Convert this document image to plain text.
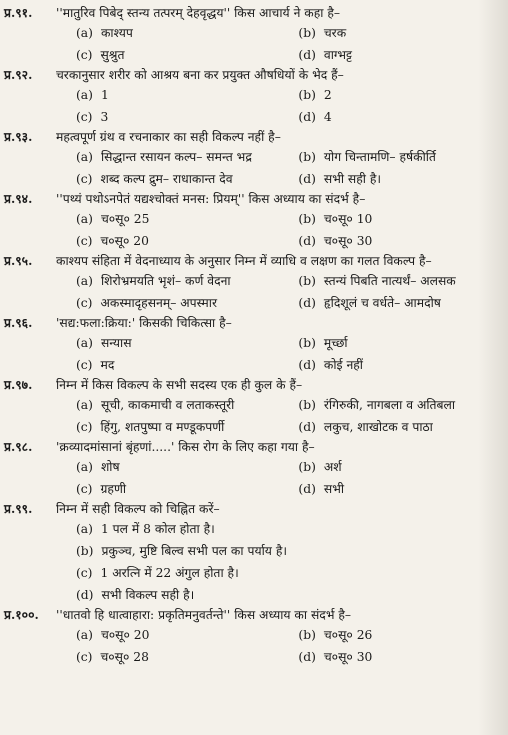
प्र.९१.	''मातुरिव पिबेद् स्तन्य तत्परम् देहवृद्धय'' किस आचार्य ने कहा है–
(a) काश्यप	(b) चरक
(c) सुश्रुत	(d) वाग्भट्ट
प्र.९२.	चरकानुसार शरीर को आश्रय बना कर प्रयुक्त औषधियों के भेद हैं–
(a) 1	(b) 2
(c) 3	(d) 4
प्र.९३.	महत्वपूर्ण ग्रंथ व रचनाकार का सही विकल्प नहीं है–
(a) सिद्धान्त रसायन कल्प– समन्त भद्र	(b) योग चिन्तामणि– हर्षकीर्ति
(c) शब्द कल्प द्रुम– राधाकान्त देव	(d) सभी सही है।
प्र.९४.	''पथ्यं पथोऽनपेतं यद्यश्चोक्तं मनस: प्रियम्'' किस अध्याय का संदर्भ है–
(a) च०सू० 25	(b) च०सू० 10
(c) च०सू० 20	(d) च०सू० 30
प्र.९५.	काश्यप संहिता में वेदनाध्याय के अनुसार निम्न में व्याधि व लक्षण का गलत विकल्प है–
(a) शिरोभ्रमयति भृशं– कर्ण वेदना	(b) स्तन्यं पिबति नात्यर्थं– अलसक
(c) अकस्मादृहसनम्– अपस्मार	(d) हृदिशूलं च वर्धते– आमदोष
प्र.९६.	'सद्य:फला:क्रिया:' किसकी चिकित्सा है–
(a) सन्यास	(b) मूर्च्छा
(c) मद	(d) कोई नहीं
प्र.९७.	निम्न में किस विकल्प के सभी सदस्य एक ही कुल के हैं–
(a) सूची, काकमाची व लताकस्तूरी	(b) रंगिरुकी, नागबला व अतिबला
(c) हिंगु, शतपुष्पा व मण्डूकपर्णी	(d) लकुच, शाखोटक व पाठा
प्र.९८.	'क्रव्यादमांसानां बृंहणां.....' किस रोग के लिए कहा गया है–
(a) शोष	(b) अर्श
(c) ग्रहणी	(d) सभी
प्र.९९.	निम्न में सही विकल्प को चिह्नित करें–
(a) 1 पल में 8 कोल होता है।
(b) प्रकुञ्च, मुष्टि बिल्व सभी पल का पर्याय है।
(c) 1 अरत्नि में 22 अंगुल होता है।
(d) सभी विकल्प सही है।
प्र.१००.	''धातवो हि धात्वाहारा: प्रकृतिमनुवर्तन्ते'' किस अध्याय का संदर्भ है–
(a) च०सू० 20	(b) च०सू० 26
(c) च०सू० 28	(d) च०सू० 30
